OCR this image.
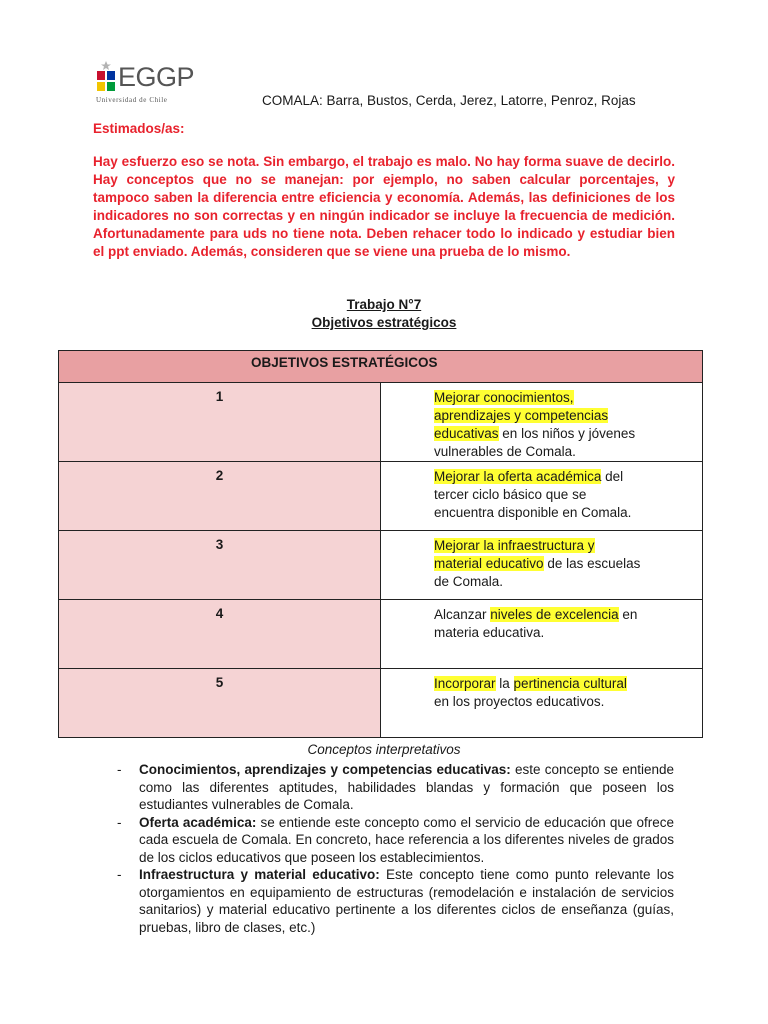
EGGP
Universidad de Chile	COMALA: Barra, Bustos, Cerda, Jerez, Latorre, Penroz, Rojas
Estimados/as:

Hay esfuerzo eso se nota. Sin embargo, el trabajo es malo. No hay forma suave de decirlo. Hay conceptos que no se manejan: por ejemplo, no saben calcular porcentajes, y tampoco saben la diferencia entre eficiencia y economía. Además, las definiciones de los indicadores no son correctas y en ningún indicador se incluye la frecuencia de medición. Afortunadamente para uds no tiene nota. Deben rehacer todo lo indicado y estudiar bien el ppt enviado. Además, consideren que se viene una prueba de lo mismo.

Trabajo N°7
Objetivos estratégicos
OBJETIVOS ESTRATÉGICOS	
1	Mejorar conocimientos, aprendizajes y competencias educativas en los niños y jóvenes vulnerables de Comala.
2	Mejorar la oferta académica del tercer ciclo básico que se encuentra disponible en Comala.
3	Mejorar la infraestructura y material educativo de las escuelas de Comala.
4	Alcanzar niveles de excelencia en materia educativa.
5	Incorporar la pertinencia cultural en los proyectos educativos.
Conceptos interpretativos
- Conocimientos, aprendizajes y competencias educativas: este concepto se entiende como las diferentes aptitudes, habilidades blandas y formación que poseen los estudiantes vulnerables de Comala.
- Oferta académica: se entiende este concepto como el servicio de educación que ofrece cada escuela de Comala. En concreto, hace referencia a los diferentes niveles de grados de los ciclos educativos que poseen los establecimientos.
- Infraestructura y material educativo: Este concepto tiene como punto relevante los otorgamientos en equipamiento de estructuras (remodelación e instalación de servicios sanitarios) y material educativo pertinente a los diferentes ciclos de enseñanza (guías, pruebas, libro de clases, etc.)
